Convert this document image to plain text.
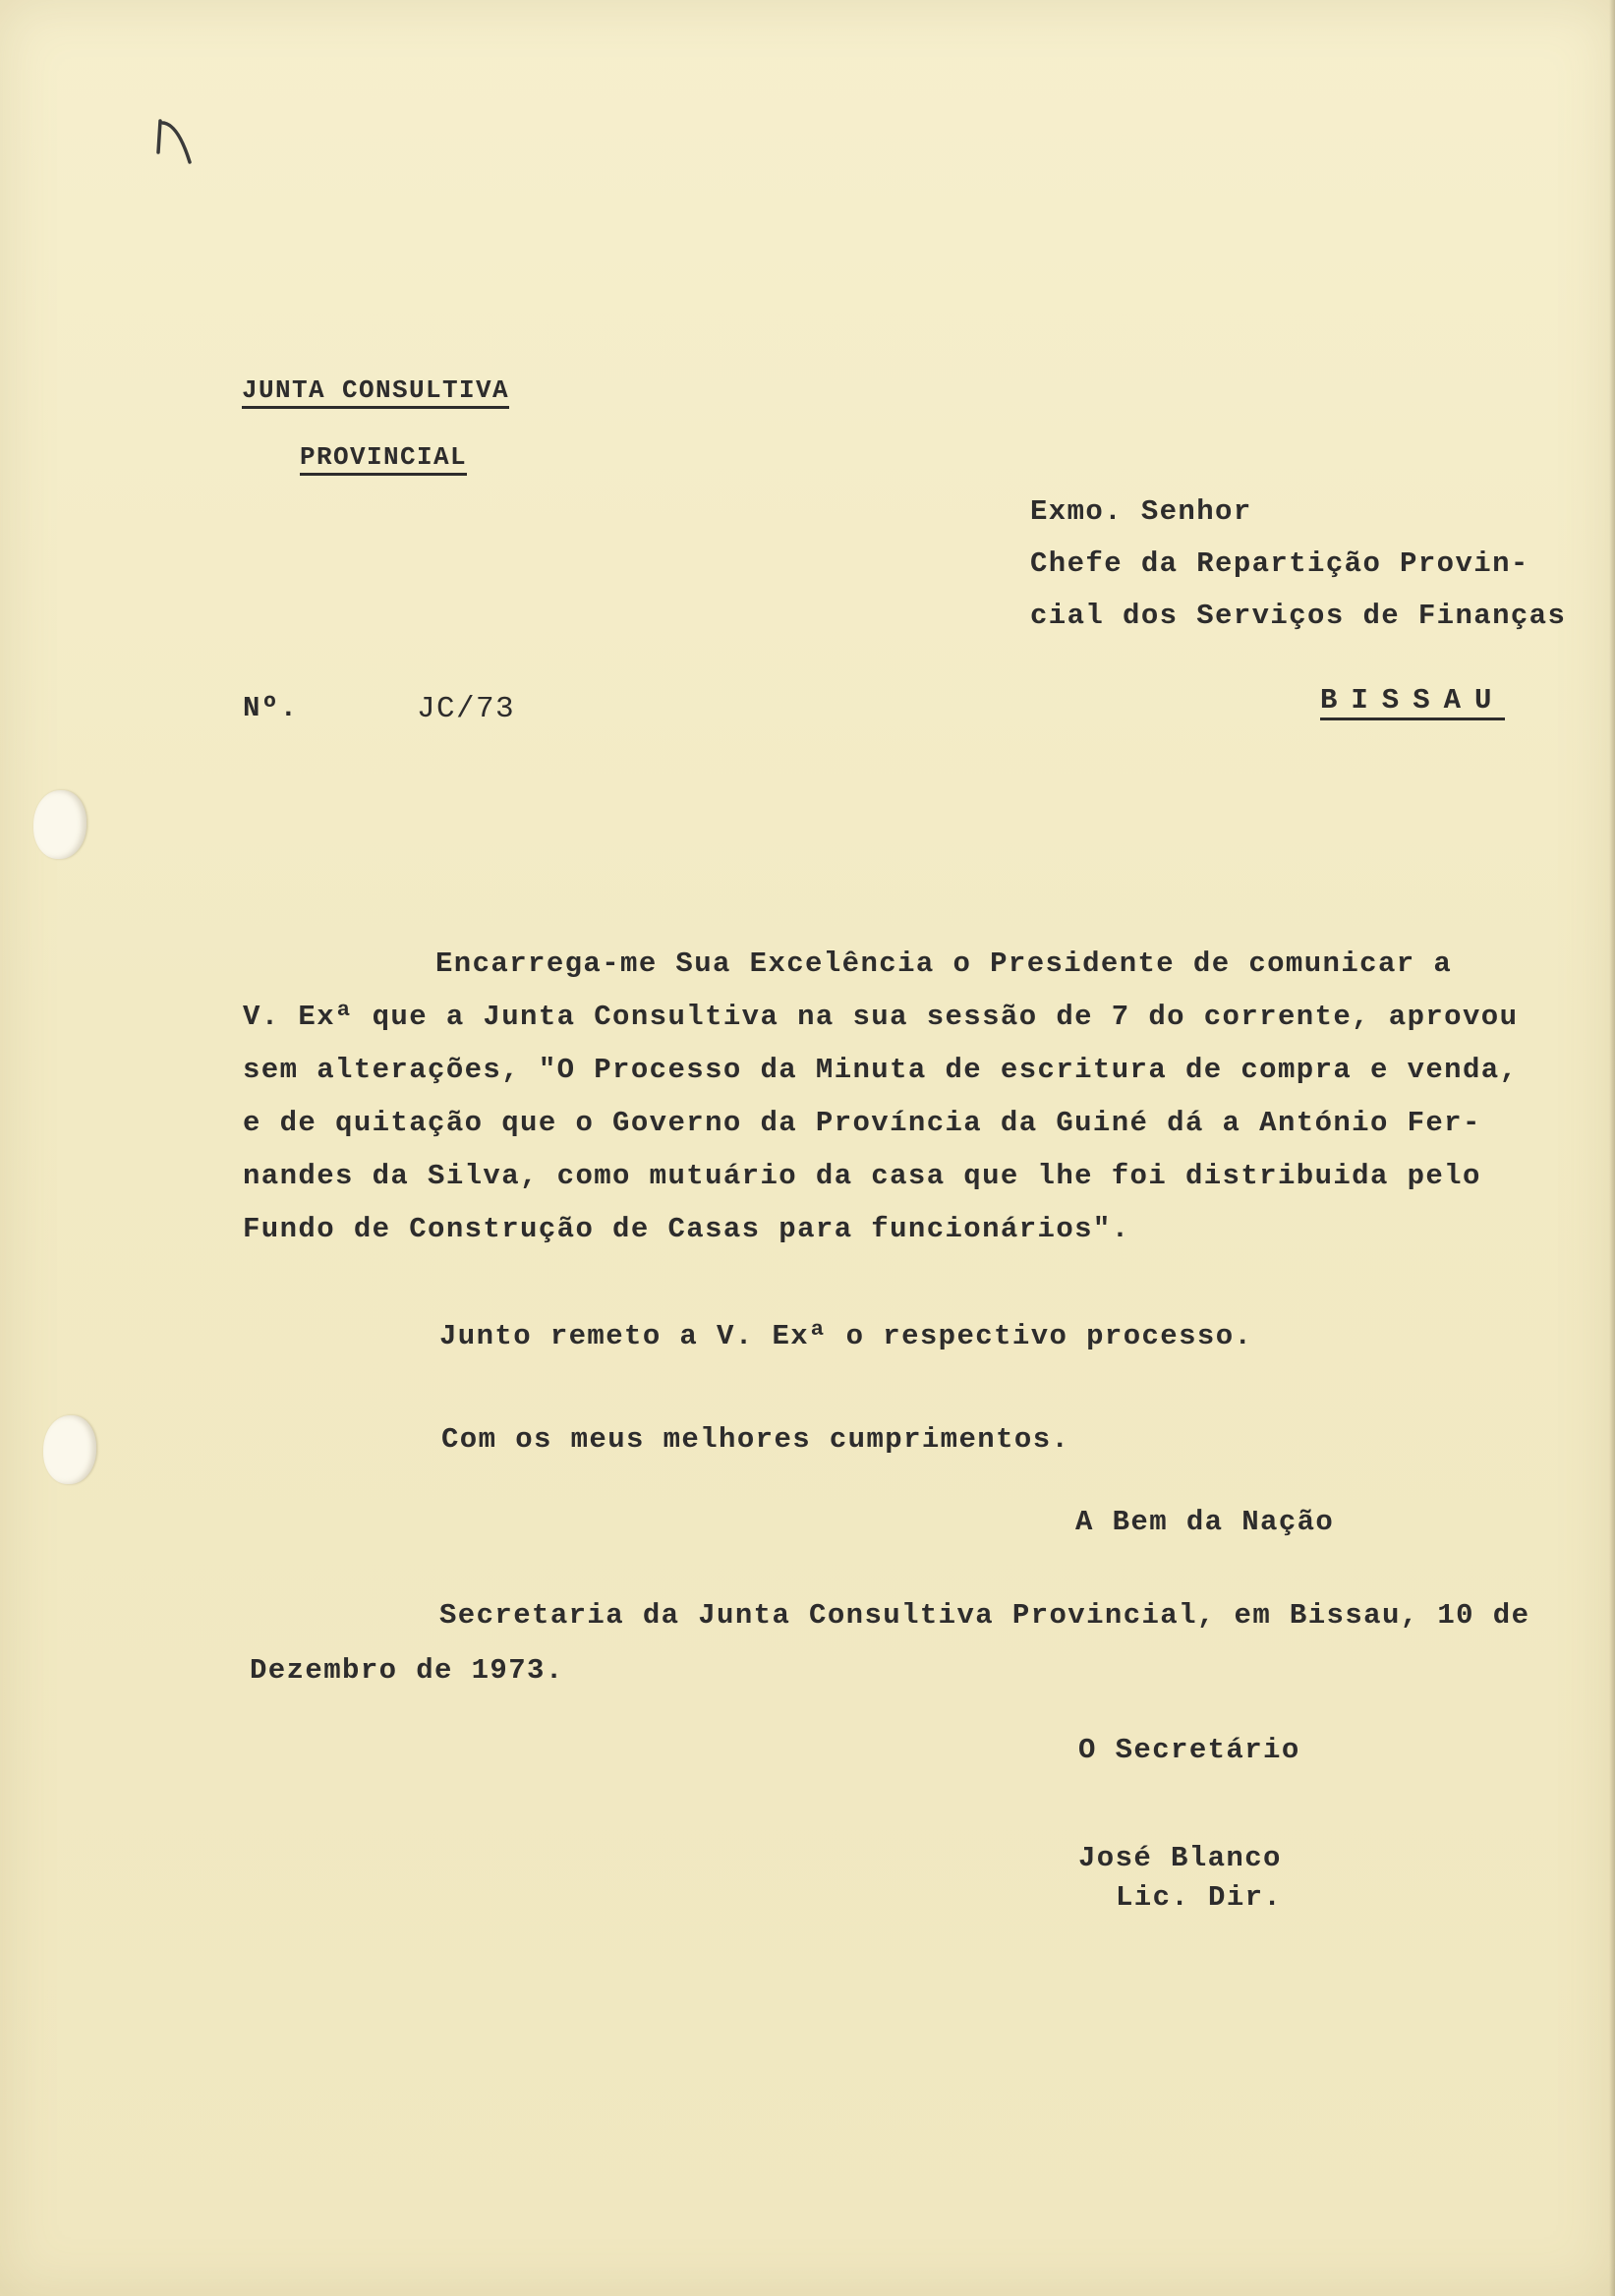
JUNTA CONSULTIVA

PROVINCIAL

Exmo. Senhor

Chefe da Repartição Provin-

cial dos Serviços de Finanças

BISSAU

Nº.	JC/73

Encarrega-me Sua Excelência o Presidente de comunicar a

V. Exª que a Junta Consultiva na sua sessão de 7 do corrente, aprovou

sem alterações, "O Processo da Minuta de escritura de compra e venda,

e de quitação que o Governo da Província da Guiné dá a António Fer-

nandes da Silva, como mutuário da casa que lhe foi distribuida pelo

Fundo de Construção de Casas para funcionários".

Junto remeto a V. Exª o respectivo processo.

Com os meus melhores cumprimentos.

A Bem da Nação

Secretaria da Junta Consultiva Provincial, em Bissau, 10 de

Dezembro de 1973.

O Secretário

José Blanco

Lic. Dir.
